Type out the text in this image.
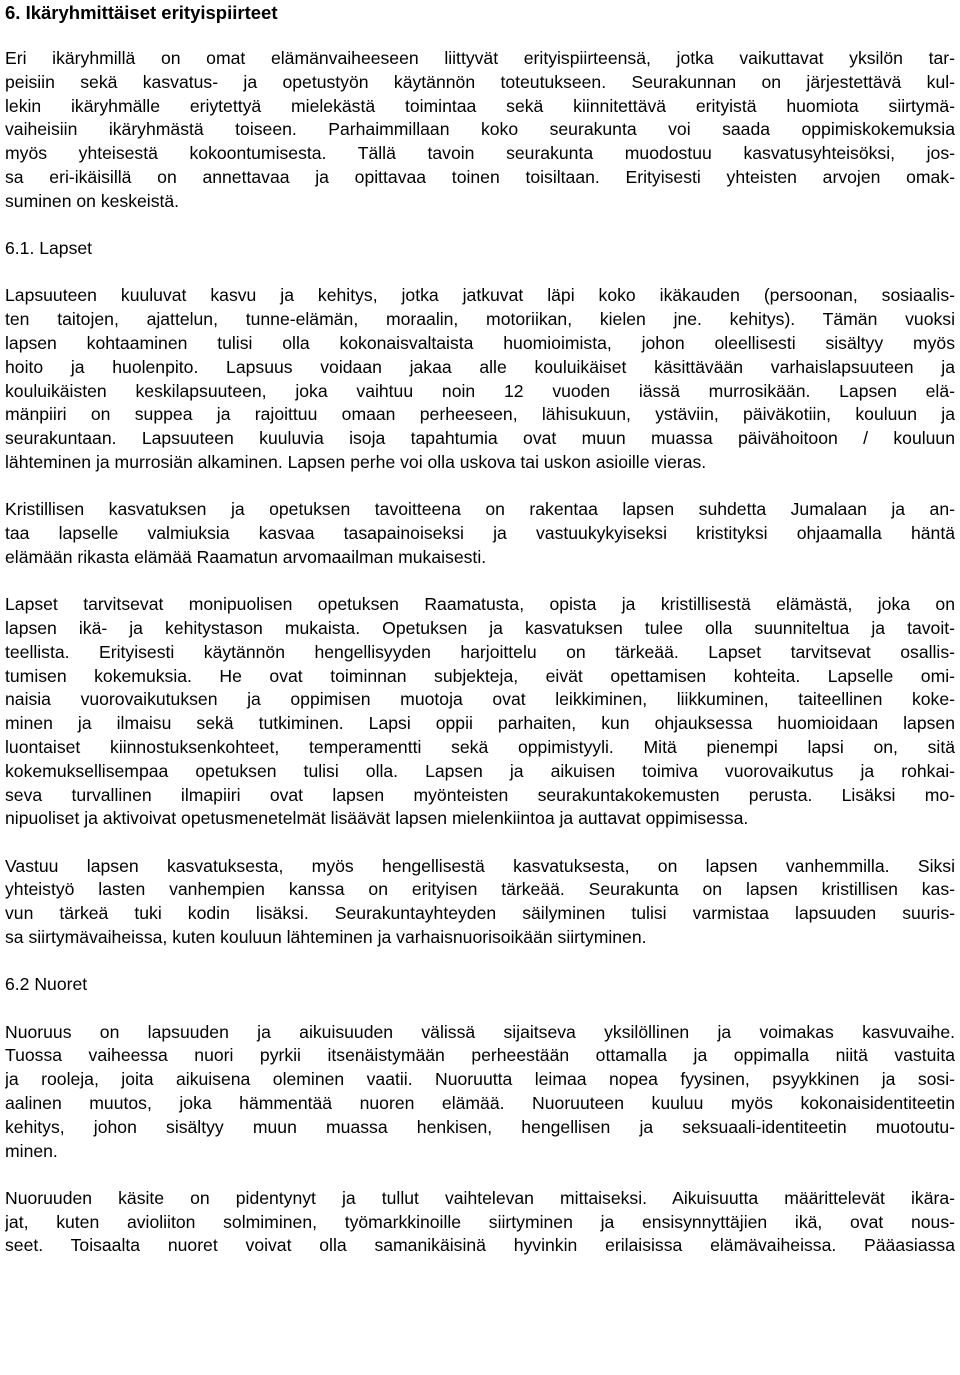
6. Ikäryhmittäiset erityispiirteet
Eri ikäryhmillä on omat elämänvaiheeseen liittyvät erityispiirteensä, jotka vaikuttavat yksilön tar-
peisiin sekä kasvatus- ja opetustyön käytännön toteutukseen. Seurakunnan on järjestettävä kul-
lekin ikäryhmälle eriytettyä mielekästä toimintaa sekä kiinnitettävä erityistä huomiota siirtymä-
vaiheisiin ikäryhmästä toiseen. Parhaimmillaan koko seurakunta voi saada oppimiskokemuksia
myös yhteisestä kokoontumisesta. Tällä tavoin seurakunta muodostuu kasvatusyhteisöksi, jos-
sa eri-ikäisillä on annettavaa ja opittavaa toinen toisiltaan. Erityisesti yhteisten arvojen omak-
suminen on keskeistä.
6.1. Lapset
Lapsuuteen kuuluvat kasvu ja kehitys, jotka jatkuvat läpi koko ikäkauden (persoonan, sosiaalis-
ten taitojen, ajattelun, tunne-elämän, moraalin, motoriikan, kielen jne. kehitys). Tämän vuoksi
lapsen kohtaaminen tulisi olla kokonaisvaltaista huomioimista, johon oleellisesti sisältyy myös
hoito ja huolenpito. Lapsuus voidaan jakaa alle kouluikäiset käsittävään varhaislapsuuteen ja
kouluikäisten keskilapsuuteen, joka vaihtuu noin 12 vuoden iässä murrosikään. Lapsen elä-
mänpiiri on suppea ja rajoittuu omaan perheeseen, lähisukuun, ystäviin, päiväkotiin, kouluun ja
seurakuntaan. Lapsuuteen kuuluvia isoja tapahtumia ovat muun muassa päivähoitoon / kouluun
lähteminen ja murrosiän alkaminen. Lapsen perhe voi olla uskova tai uskon asioille vieras.
Kristillisen kasvatuksen ja opetuksen tavoitteena on rakentaa lapsen suhdetta Jumalaan ja an-
taa lapselle valmiuksia kasvaa tasapainoiseksi ja vastuukykyiseksi kristityksi ohjaamalla häntä
elämään rikasta elämää Raamatun arvomaailman mukaisesti.
Lapset tarvitsevat monipuolisen opetuksen Raamatusta, opista ja kristillisestä elämästä, joka on
lapsen ikä- ja kehitystason mukaista. Opetuksen ja kasvatuksen tulee olla suunniteltua ja tavoit-
teellista. Erityisesti käytännön hengellisyyden harjoittelu on tärkeää. Lapset tarvitsevat osallis-
tumisen kokemuksia. He ovat toiminnan subjekteja, eivät opettamisen kohteita. Lapselle omi-
naisia vuorovaikutuksen ja oppimisen muotoja ovat leikkiminen, liikkuminen, taiteellinen koke-
minen ja ilmaisu sekä tutkiminen. Lapsi oppii parhaiten, kun ohjauksessa huomioidaan lapsen
luontaiset kiinnostuksenkohteet, temperamentti sekä oppimistyyli. Mitä pienempi lapsi on, sitä
kokemuksellisempaa opetuksen tulisi olla. Lapsen ja aikuisen toimiva vuorovaikutus ja rohkai-
seva turvallinen ilmapiiri ovat lapsen myönteisten seurakuntakokemusten perusta. Lisäksi mo-
nipuoliset ja aktivoivat opetusmenetelmät lisäävät lapsen mielenkiintoa ja auttavat oppimisessa.
Vastuu lapsen kasvatuksesta, myös hengellisestä kasvatuksesta, on lapsen vanhemmilla. Siksi
yhteistyö lasten vanhempien kanssa on erityisen tärkeää. Seurakunta on lapsen kristillisen kas-
vun tärkeä tuki kodin lisäksi. Seurakuntayhteyden säilyminen tulisi varmistaa lapsuuden suuris-
sa siirtymävaiheissa, kuten kouluun lähteminen ja varhaisnuorisoikään siirtyminen.
6.2 Nuoret
Nuoruus on lapsuuden ja aikuisuuden välissä sijaitseva yksilöllinen ja voimakas kasvuvaihe.
Tuossa vaiheessa nuori pyrkii itsenäistymään perheestään ottamalla ja oppimalla niitä vastuita
ja rooleja, joita aikuisena oleminen vaatii. Nuoruutta leimaa nopea fyysinen, psyykkinen ja sosi-
aalinen muutos, joka hämmentää nuoren elämää. Nuoruuteen kuuluu myös kokonaisidentiteetin
kehitys, johon sisältyy muun muassa henkisen, hengellisen ja seksuaali-identiteetin muotoutu-
minen.
Nuoruuden käsite on pidentynyt ja tullut vaihtelevan mittaiseksi. Aikuisuutta määrittelevät ikära-
jat, kuten avioliiton solmiminen, työmarkkinoille siirtyminen ja ensisynnyttäjien ikä, ovat nous-
seet. Toisaalta nuoret voivat olla samanikäisinä hyvinkin erilaisissa elämävaiheissa. Pääasiassa
